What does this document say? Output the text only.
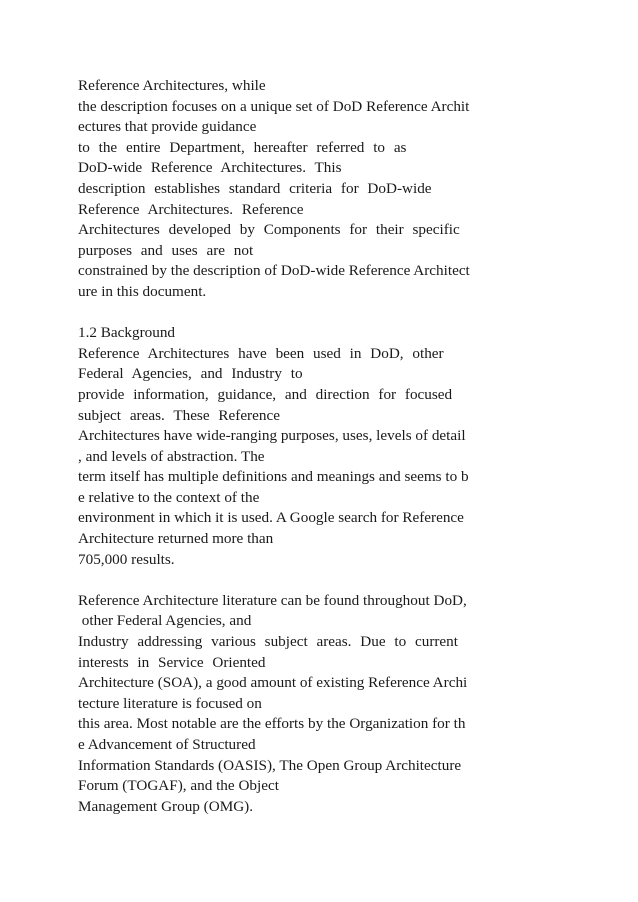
Reference Architectures, while
the description focuses on a unique set of DoD Reference Archit
ectures that provide guidance
to the entire Department, hereafter referred to as
DoD-wide Reference Architectures. This
description establishes standard criteria for DoD-wide
Reference Architectures. Reference
Architectures developed by Components for their specific
purposes and uses are not
constrained by the description of DoD-wide Reference Architect
ure in this document.
1.2 Background
Reference Architectures have been used in DoD, other
Federal Agencies, and Industry to
provide information, guidance, and direction for focused
subject areas. These Reference
Architectures have wide-ranging purposes, uses, levels of detail
, and levels of abstraction. The
term itself has multiple definitions and meanings and seems to b
e relative to the context of the
environment in which it is used. A Google search for Reference
Architecture returned more than
705,000 results.
Reference Architecture literature can be found throughout DoD,
other Federal Agencies, and
Industry addressing various subject areas. Due to current
interests in Service Oriented
Architecture (SOA), a good amount of existing Reference Archi
tecture literature is focused on
this area. Most notable are the efforts by the Organization for th
e Advancement of Structured
Information Standards (OASIS), The Open Group Architecture
Forum (TOGAF), and the Object
Management Group (OMG).
